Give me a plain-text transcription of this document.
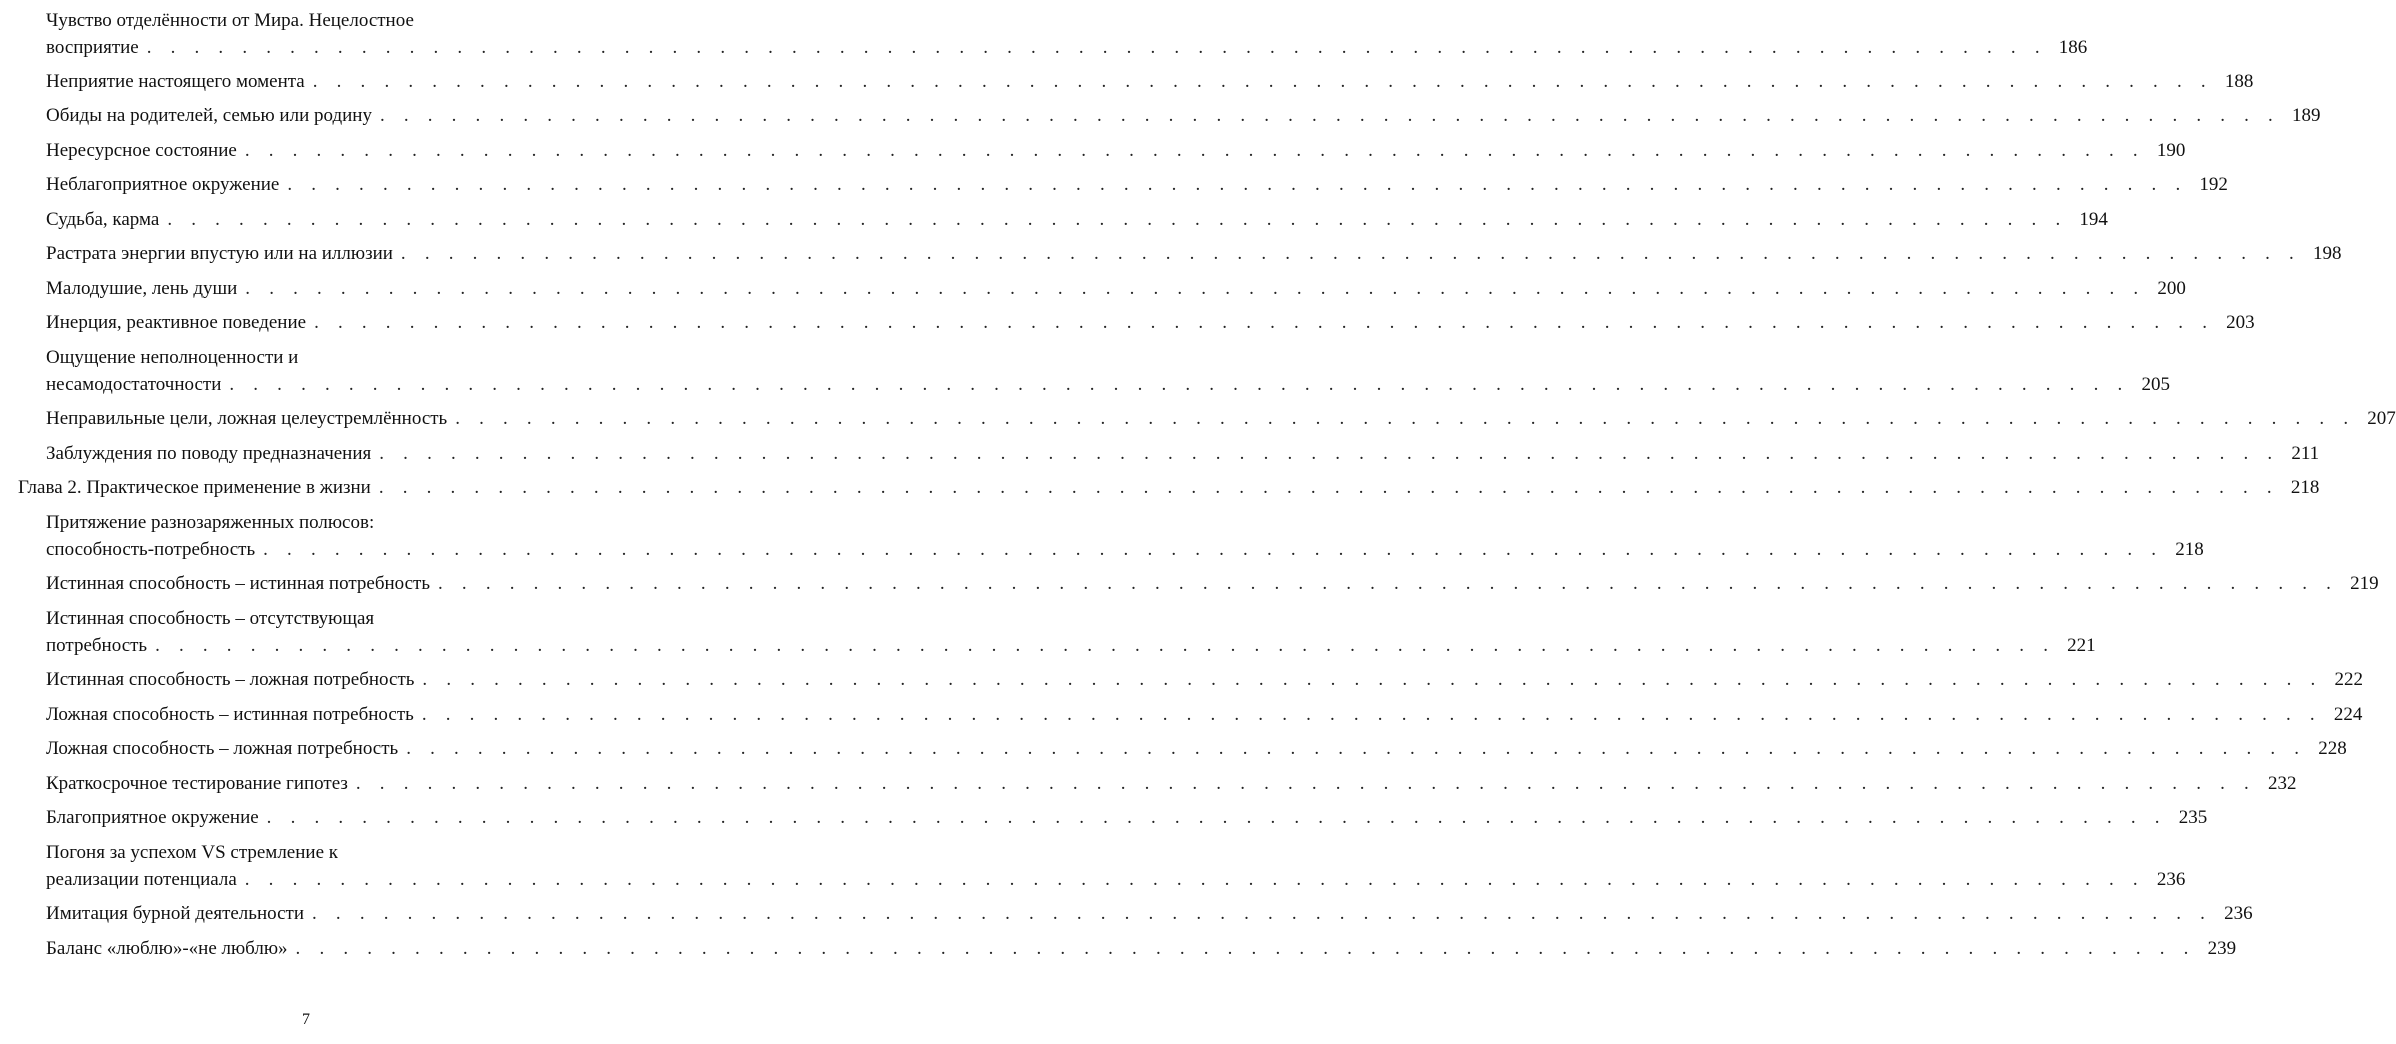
Чувство отделённости от Мира. Нецелостное
восприятие . . . . . . . . . . . . . . . . . . . . . . . . . . . . . . . . . . . . . . . . . . . . . . . . . . . . . . . . . . . . . . . . . . . . . . . . . . . . . . . . 186
Неприятие настоящего момента . . . . . . . . . . . . . . . . . . . . . . . . . . . . . . . . . . . . . . . . . . . . . . . . . . . . . . . . . . . . . . . . . . . . . . . . . . . . . . . . 188
Обиды на родителей, семью или родину . . . . . . . . . . . . . . . . . . . . . . . . . . . . . . . . . . . . . . . . . . . . . . . . . . . . . . . . . . . . . . . . . . . . . . . . . . . . . . . . 189
Нересурсное состояние . . . . . . . . . . . . . . . . . . . . . . . . . . . . . . . . . . . . . . . . . . . . . . . . . . . . . . . . . . . . . . . . . . . . . . . . . . . . . . . . 190
Неблагоприятное окружение . . . . . . . . . . . . . . . . . . . . . . . . . . . . . . . . . . . . . . . . . . . . . . . . . . . . . . . . . . . . . . . . . . . . . . . . . . . . . . . . 192
Судьба, карма . . . . . . . . . . . . . . . . . . . . . . . . . . . . . . . . . . . . . . . . . . . . . . . . . . . . . . . . . . . . . . . . . . . . . . . . . . . . . . . . 194
Растрата энергии впустую или на иллюзии . . . . . . . . . . . . . . . . . . . . . . . . . . . . . . . . . . . . . . . . . . . . . . . . . . . . . . . . . . . . . . . . . . . . . . . . . . . . . . . . 198
Малодушие, лень души . . . . . . . . . . . . . . . . . . . . . . . . . . . . . . . . . . . . . . . . . . . . . . . . . . . . . . . . . . . . . . . . . . . . . . . . . . . . . . . . 200
Инерция, реактивное поведение . . . . . . . . . . . . . . . . . . . . . . . . . . . . . . . . . . . . . . . . . . . . . . . . . . . . . . . . . . . . . . . . . . . . . . . . . . . . . . . . 203
Ощущение неполноценности и
несамодостаточности . . . . . . . . . . . . . . . . . . . . . . . . . . . . . . . . . . . . . . . . . . . . . . . . . . . . . . . . . . . . . . . . . . . . . . . . . . . . . . . . 205
Неправильные цели, ложная целеустремлённость . . . . . . . . . . . . . . . . . . . . . . . . . . . . . . . . . . . . . . . . . . . . . . . . . . . . . . . . . . . . . . . . . . . . . . . . . . . . . . . . 207
Заблуждения по поводу предназначения . . . . . . . . . . . . . . . . . . . . . . . . . . . . . . . . . . . . . . . . . . . . . . . . . . . . . . . . . . . . . . . . . . . . . . . . . . . . . . . . 211
Глава 2. Практическое применение в жизни . . . . . . . . . . . . . . . . . . . . . . . . . . . . . . . . . . . . . . . . . . . . . . . . . . . . . . . . . . . . . . . . . . . . . . . . . . . . . . . . 218
Притяжение разнозаряженных полюсов:
способность-потребность . . . . . . . . . . . . . . . . . . . . . . . . . . . . . . . . . . . . . . . . . . . . . . . . . . . . . . . . . . . . . . . . . . . . . . . . . . . . . . . . 218
Истинная способность – истинная потребность . . . . . . . . . . . . . . . . . . . . . . . . . . . . . . . . . . . . . . . . . . . . . . . . . . . . . . . . . . . . . . . . . . . . . . . . . . . . . . . . 219
Истинная способность – отсутствующая
потребность . . . . . . . . . . . . . . . . . . . . . . . . . . . . . . . . . . . . . . . . . . . . . . . . . . . . . . . . . . . . . . . . . . . . . . . . . . . . . . . . 221
Истинная способность – ложная потребность . . . . . . . . . . . . . . . . . . . . . . . . . . . . . . . . . . . . . . . . . . . . . . . . . . . . . . . . . . . . . . . . . . . . . . . . . . . . . . . . 222
Ложная способность – истинная потребность . . . . . . . . . . . . . . . . . . . . . . . . . . . . . . . . . . . . . . . . . . . . . . . . . . . . . . . . . . . . . . . . . . . . . . . . . . . . . . . . 224
Ложная способность – ложная потребность . . . . . . . . . . . . . . . . . . . . . . . . . . . . . . . . . . . . . . . . . . . . . . . . . . . . . . . . . . . . . . . . . . . . . . . . . . . . . . . . 228
Краткосрочное тестирование гипотез . . . . . . . . . . . . . . . . . . . . . . . . . . . . . . . . . . . . . . . . . . . . . . . . . . . . . . . . . . . . . . . . . . . . . . . . . . . . . . . . 232
Благоприятное окружение . . . . . . . . . . . . . . . . . . . . . . . . . . . . . . . . . . . . . . . . . . . . . . . . . . . . . . . . . . . . . . . . . . . . . . . . . . . . . . . . 235
Погоня за успехом VS стремление к
реализации потенциала . . . . . . . . . . . . . . . . . . . . . . . . . . . . . . . . . . . . . . . . . . . . . . . . . . . . . . . . . . . . . . . . . . . . . . . . . . . . . . . . 236
Имитация бурной деятельности . . . . . . . . . . . . . . . . . . . . . . . . . . . . . . . . . . . . . . . . . . . . . . . . . . . . . . . . . . . . . . . . . . . . . . . . . . . . . . . . 236
Баланс «люблю»-«не люблю» . . . . . . . . . . . . . . . . . . . . . . . . . . . . . . . . . . . . . . . . . . . . . . . . . . . . . . . . . . . . . . . . . . . . . . . . . . . . . . . . 239
7
